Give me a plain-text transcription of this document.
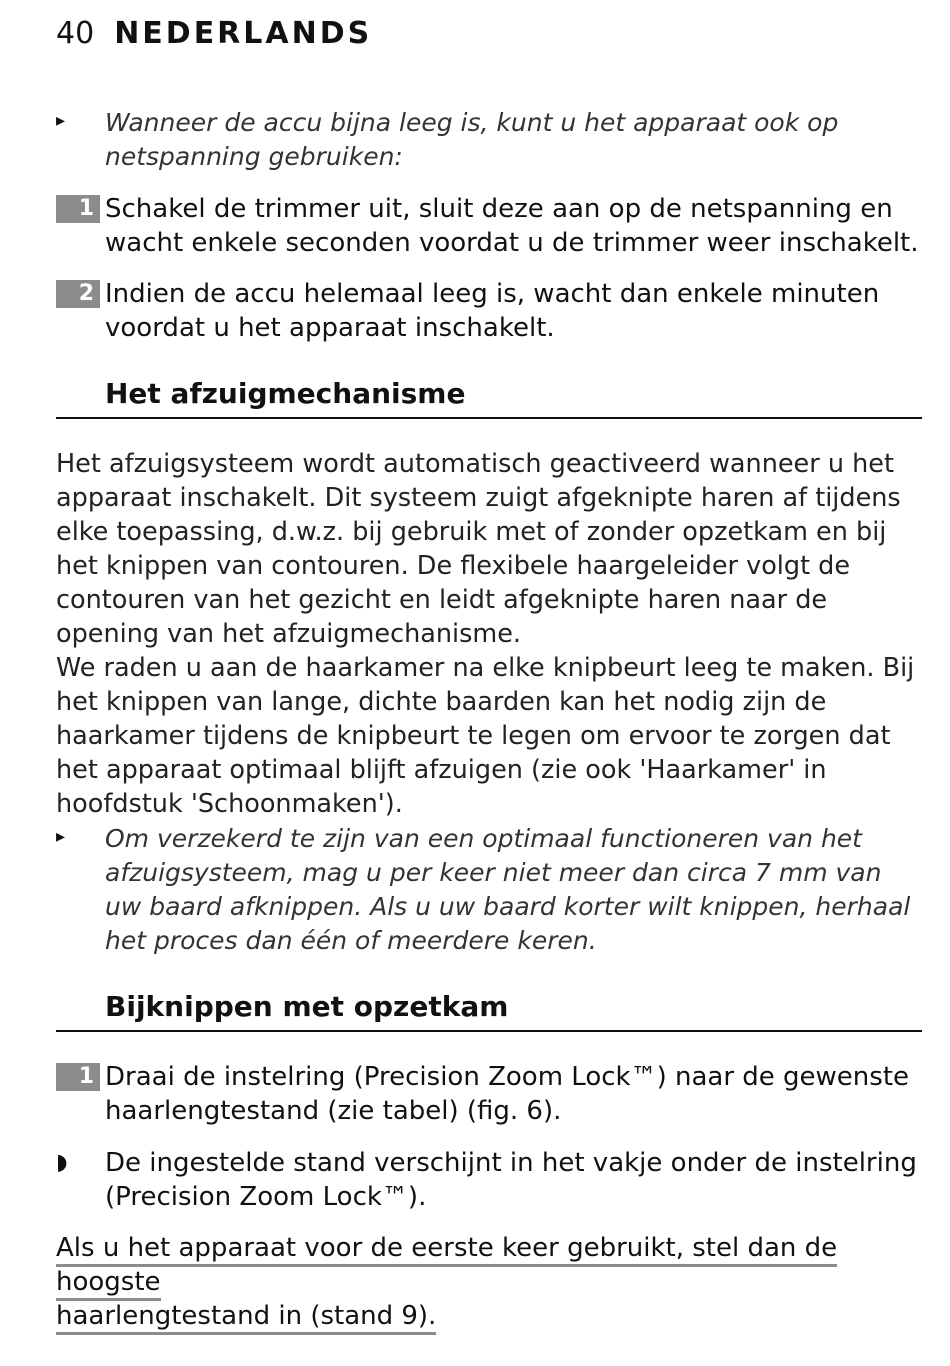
40 NEDERLANDS
▸ Wanneer de accu bijna leeg is, kunt u het apparaat ook op netspanning gebruiken:
1 Schakel de trimmer uit, sluit deze aan op de netspanning en wacht enkele seconden voordat u de trimmer weer inschakelt.
2 Indien de accu helemaal leeg is, wacht dan enkele minuten voordat u het apparaat inschakelt.
Het afzuigmechanisme
Het afzuigsysteem wordt automatisch geactiveerd wanneer u het apparaat inschakelt. Dit systeem zuigt afgeknipte haren af tijdens elke toepassing, d.w.z. bij gebruik met of zonder opzetkam en bij het knippen van contouren. De flexibele haargeleider volgt de contouren van het gezicht en leidt afgeknipte haren naar de opening van het afzuigmechanisme.
We raden u aan de haarkamer na elke knipbeurt leeg te maken. Bij het knippen van lange, dichte baarden kan het nodig zijn de haarkamer tijdens de knipbeurt te legen om ervoor te zorgen dat het apparaat optimaal blijft afzuigen (zie ook 'Haarkamer' in hoofdstuk 'Schoonmaken').
▸ Om verzekerd te zijn van een optimaal functioneren van het afzuigsysteem, mag u per keer niet meer dan circa 7 mm van uw baard afknippen. Als u uw baard korter wilt knippen, herhaal het proces dan één of meerdere keren.
Bijknippen met opzetkam
1 Draai de instelring (Precision Zoom Lock™) naar de gewenste haarlengtestand (zie tabel) (fig. 6).
◗ De ingestelde stand verschijnt in het vakje onder de instelring (Precision Zoom Lock™).
Als u het apparaat voor de eerste keer gebruikt, stel dan de hoogste
haarlengtestand in (stand 9).
